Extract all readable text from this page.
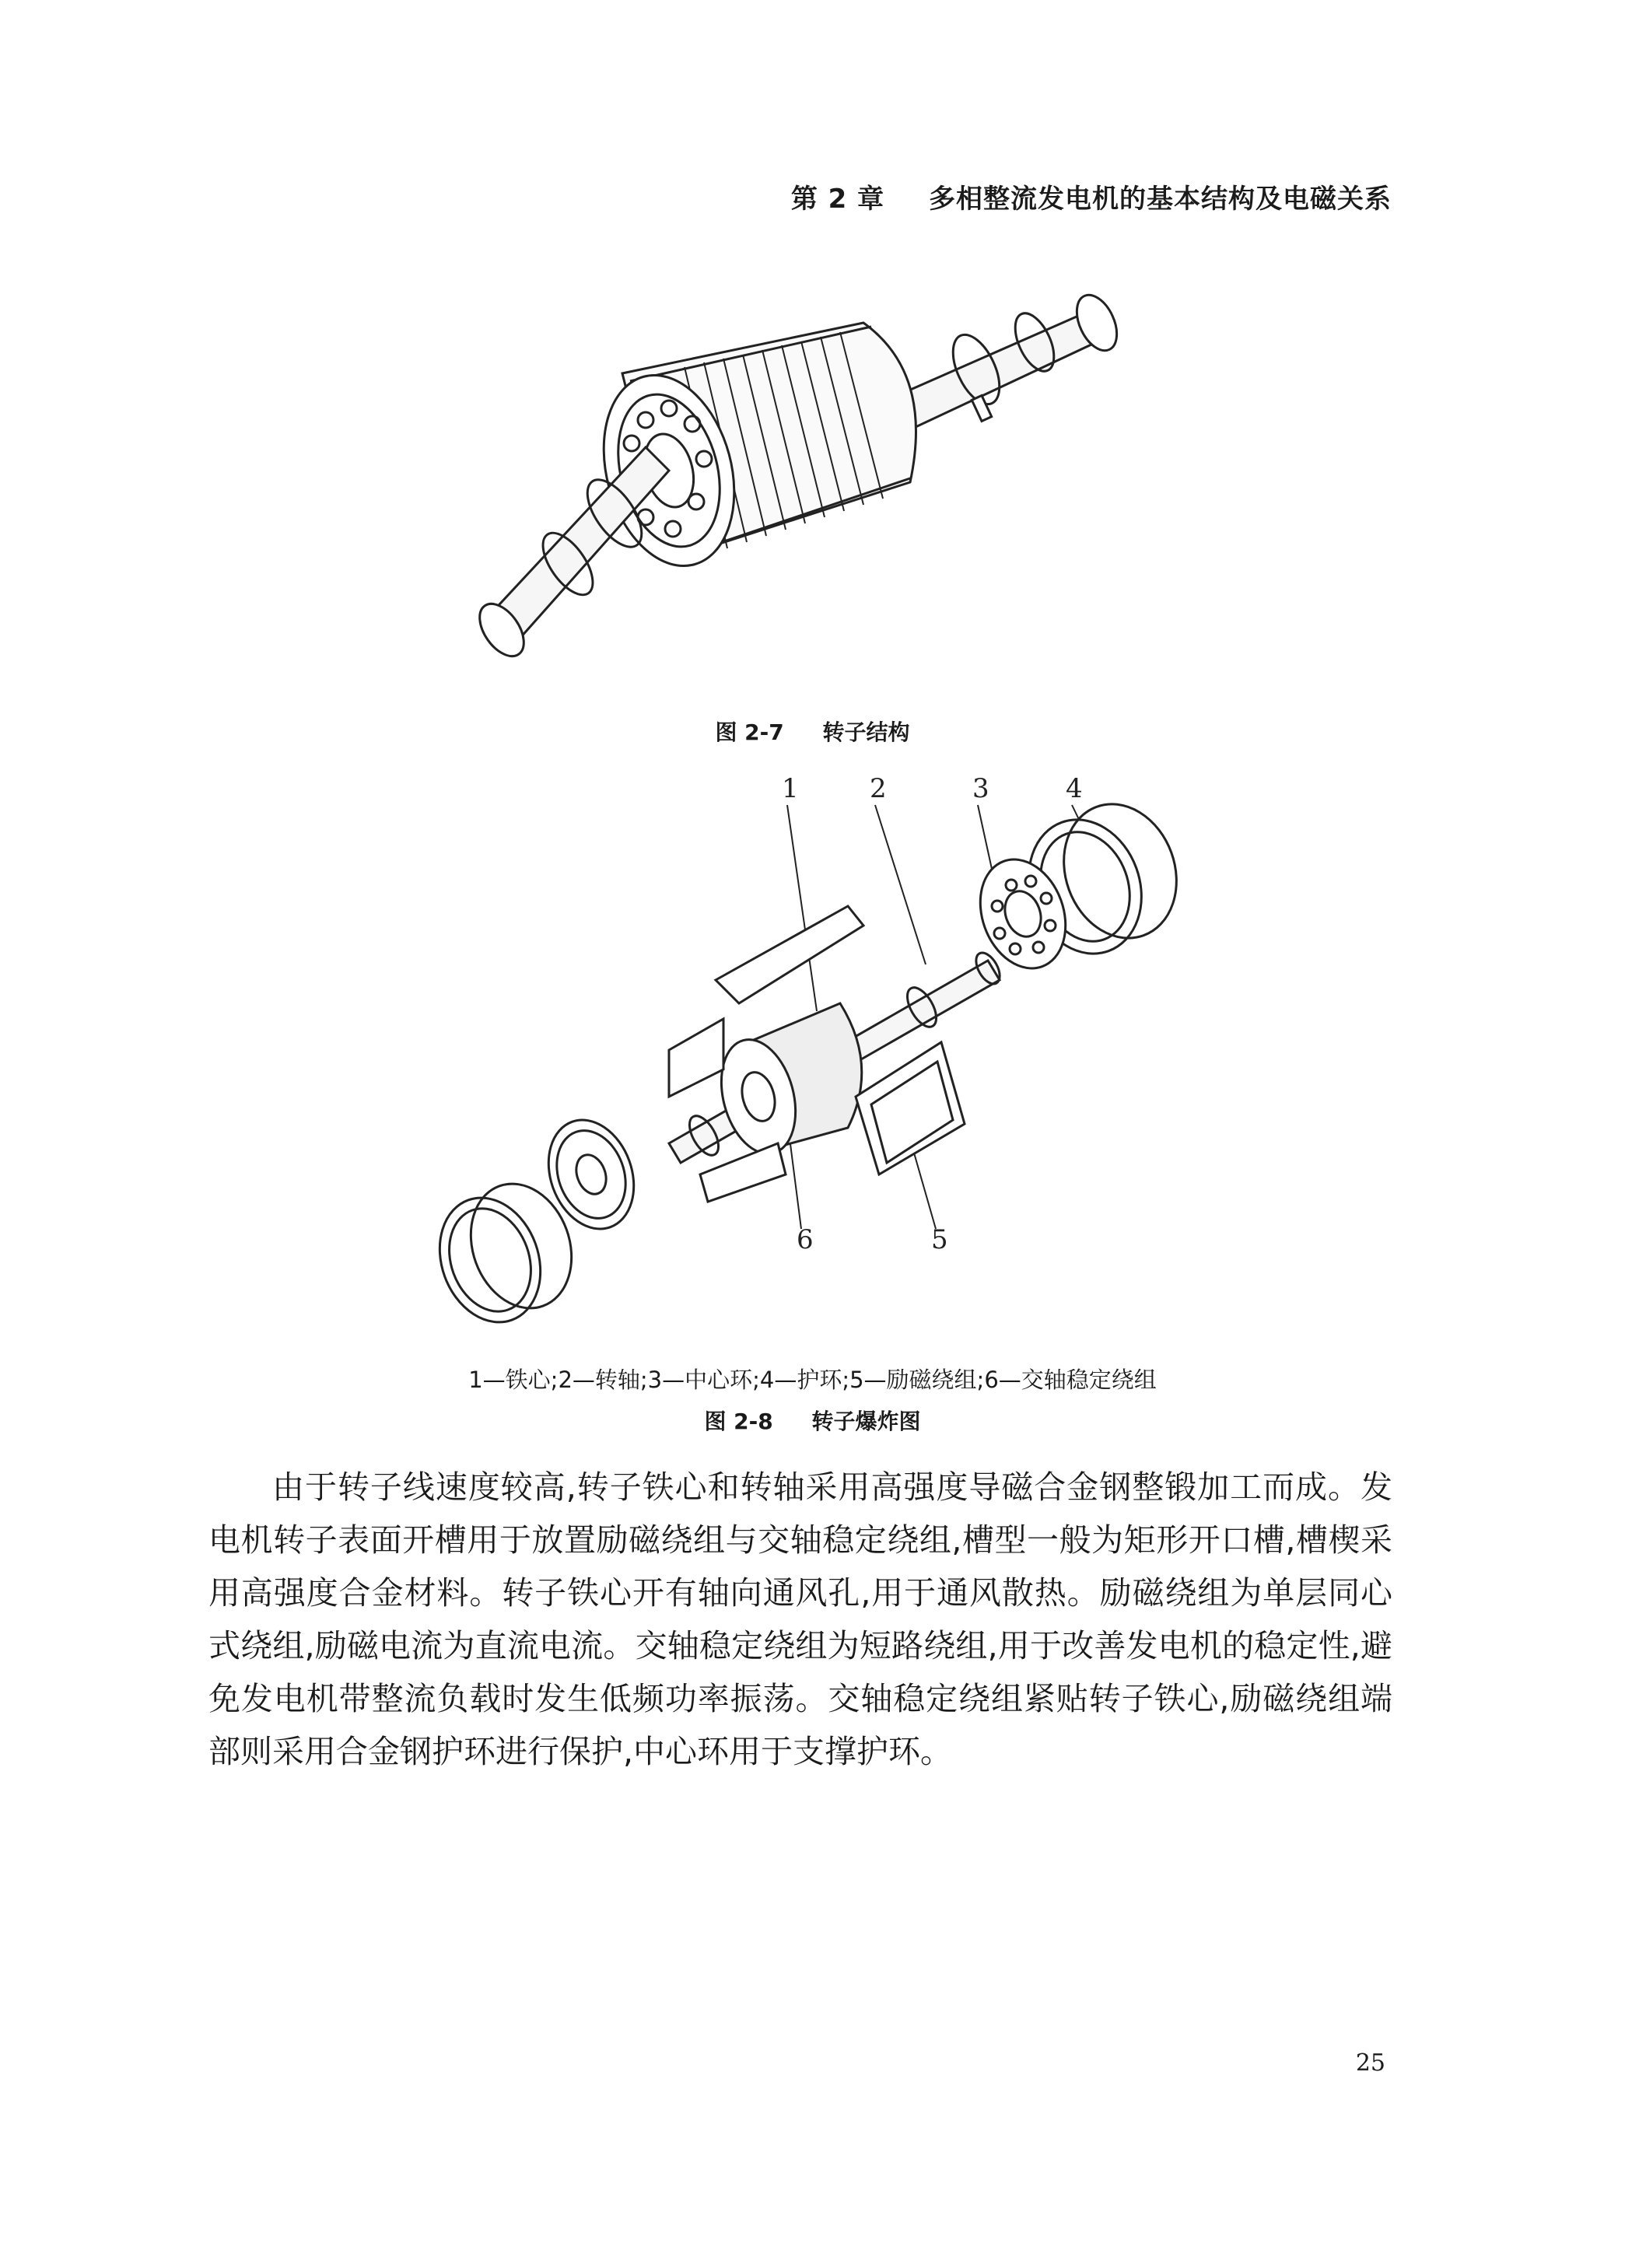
第 2 章 多相整流发电机的基本结构及电磁关系
图 2-7 转子结构
1	2	3	4
6	5
1—铁心;2—转轴;3—中心环;4—护环;5—励磁绕组;6—交轴稳定绕组
图 2-8 转子爆炸图

由于转子线速度较高,转子铁心和转轴采用高强度导磁合金钢整锻加工而成。发电机转子表面开槽用于放置励磁绕组与交轴稳定绕组,槽型一般为矩形开口槽,槽楔采用高强度合金材料。转子铁心开有轴向通风孔,用于通风散热。励磁绕组为单层同心式绕组,励磁电流为直流电流。交轴稳定绕组为短路绕组,用于改善发电机的稳定性,避免发电机带整流负载时发生低频功率振荡。交轴稳定绕组紧贴转子铁心,励磁绕组端部则采用合金钢护环进行保护,中心环用于支撑护环。

25
